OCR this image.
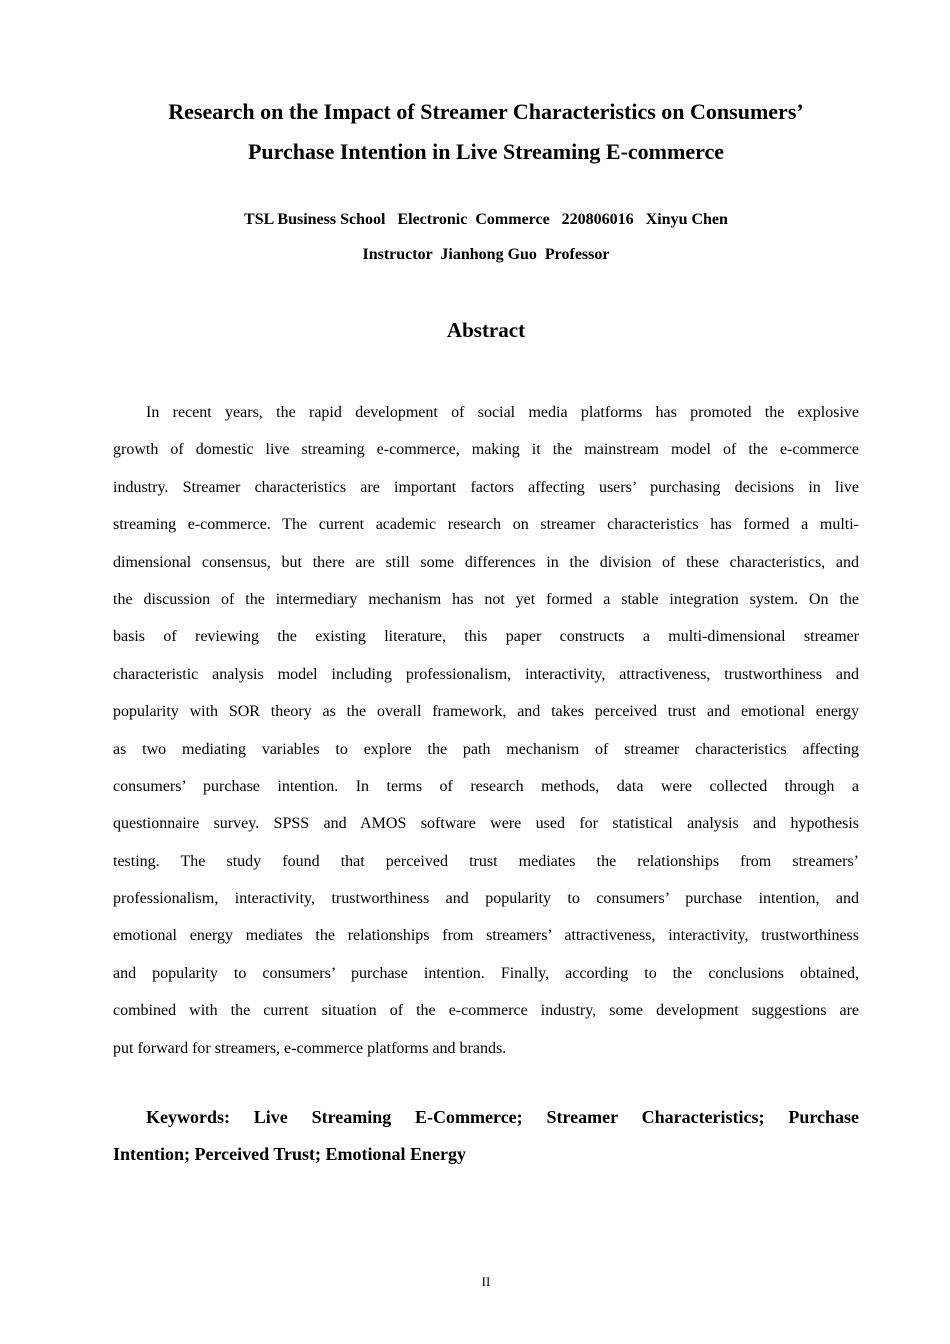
Research on the Impact of Streamer Characteristics on Consumers’
Purchase Intention in Live Streaming E-commerce
TSL Business School   Electronic  Commerce   220806016   Xinyu Chen
Instructor  Jianhong Guo  Professor
Abstract
In recent years, the rapid development of social media platforms has promoted the explosive
growth of domestic live streaming e-commerce, making it the mainstream model of the e-commerce
industry. Streamer characteristics are important factors affecting users’ purchasing decisions in live
streaming e-commerce. The current academic research on streamer characteristics has formed a multi-
dimensional consensus, but there are still some differences in the division of these characteristics, and
the discussion of the intermediary mechanism has not yet formed a stable integration system. On the
basis of reviewing the existing literature, this paper constructs a multi-dimensional streamer
characteristic analysis model including professionalism, interactivity, attractiveness, trustworthiness and
popularity with SOR theory as the overall framework, and takes perceived trust and emotional energy
as two mediating variables to explore the path mechanism of streamer characteristics affecting
consumers’ purchase intention. In terms of research methods, data were collected through a
questionnaire survey. SPSS and AMOS software were used for statistical analysis and hypothesis
testing. The study found that perceived trust mediates the relationships from streamers’
professionalism, interactivity, trustworthiness and popularity to consumers’ purchase intention, and
emotional energy mediates the relationships from streamers’ attractiveness, interactivity, trustworthiness
and popularity to consumers’ purchase intention. Finally, according to the conclusions obtained,
combined with the current situation of the e-commerce industry, some development suggestions are
put forward for streamers, e-commerce platforms and brands.
Keywords: Live Streaming E-Commerce; Streamer Characteristics; Purchase
Intention; Perceived Trust; Emotional Energy
II
